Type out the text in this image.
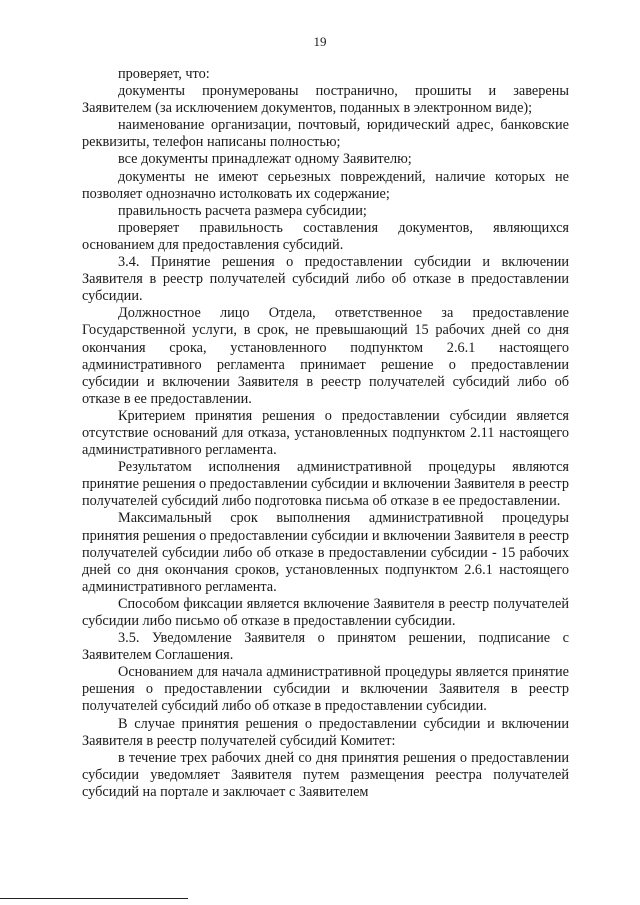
19

проверяет, что:

документы пронумерованы постранично, прошиты и заверены Заявителем (за исключением документов, поданных в электронном виде);

наименование организации, почтовый, юридический адрес, банковские реквизиты, телефон написаны полностью;

все документы принадлежат одному Заявителю;

документы не имеют серьезных повреждений, наличие которых не позволяет однозначно истолковать их содержание;

правильность расчета размера субсидии;

проверяет правильность составления документов, являющихся основанием для предоставления субсидий.

3.4. Принятие решения о предоставлении субсидии и включении Заявителя в реестр получателей субсидий либо об отказе в предоставлении субсидии.

Должностное лицо Отдела, ответственное за предоставление Государственной услуги, в срок, не превышающий 15 рабочих дней со дня окончания срока, установленного подпунктом 2.6.1 настоящего административного регламента принимает решение о предоставлении субсидии и включении Заявителя в реестр получателей субсидий либо об отказе в ее предоставлении.

Критерием принятия решения о предоставлении субсидии является отсутствие оснований для отказа, установленных подпунктом 2.11 настоящего административного регламента.

Результатом исполнения административной процедуры являются принятие решения о предоставлении субсидии и включении Заявителя в реестр получателей субсидий либо подготовка письма об отказе в ее предоставлении.

Максимальный срок выполнения административной процедуры принятия решения о предоставлении субсидии и включении Заявителя в реестр получателей субсидии либо об отказе в предоставлении субсидии - 15 рабочих дней со дня окончания сроков, установленных подпунктом 2.6.1 настоящего административного регламента.

Способом фиксации является включение Заявителя в реестр получателей субсидии либо письмо об отказе в предоставлении субсидии.

3.5. Уведомление Заявителя о принятом решении, подписание с Заявителем Соглашения.

Основанием для начала административной процедуры является принятие решения о предоставлении субсидии и включении Заявителя в реестр получателей субсидий либо об отказе в предоставлении субсидии.

В случае принятия решения о предоставлении субсидии и включении Заявителя в реестр получателей субсидий Комитет:

в течение трех рабочих дней со дня принятия решения о предоставлении субсидии уведомляет Заявителя путем размещения реестра получателей субсидий на портале и заключает с Заявителем
